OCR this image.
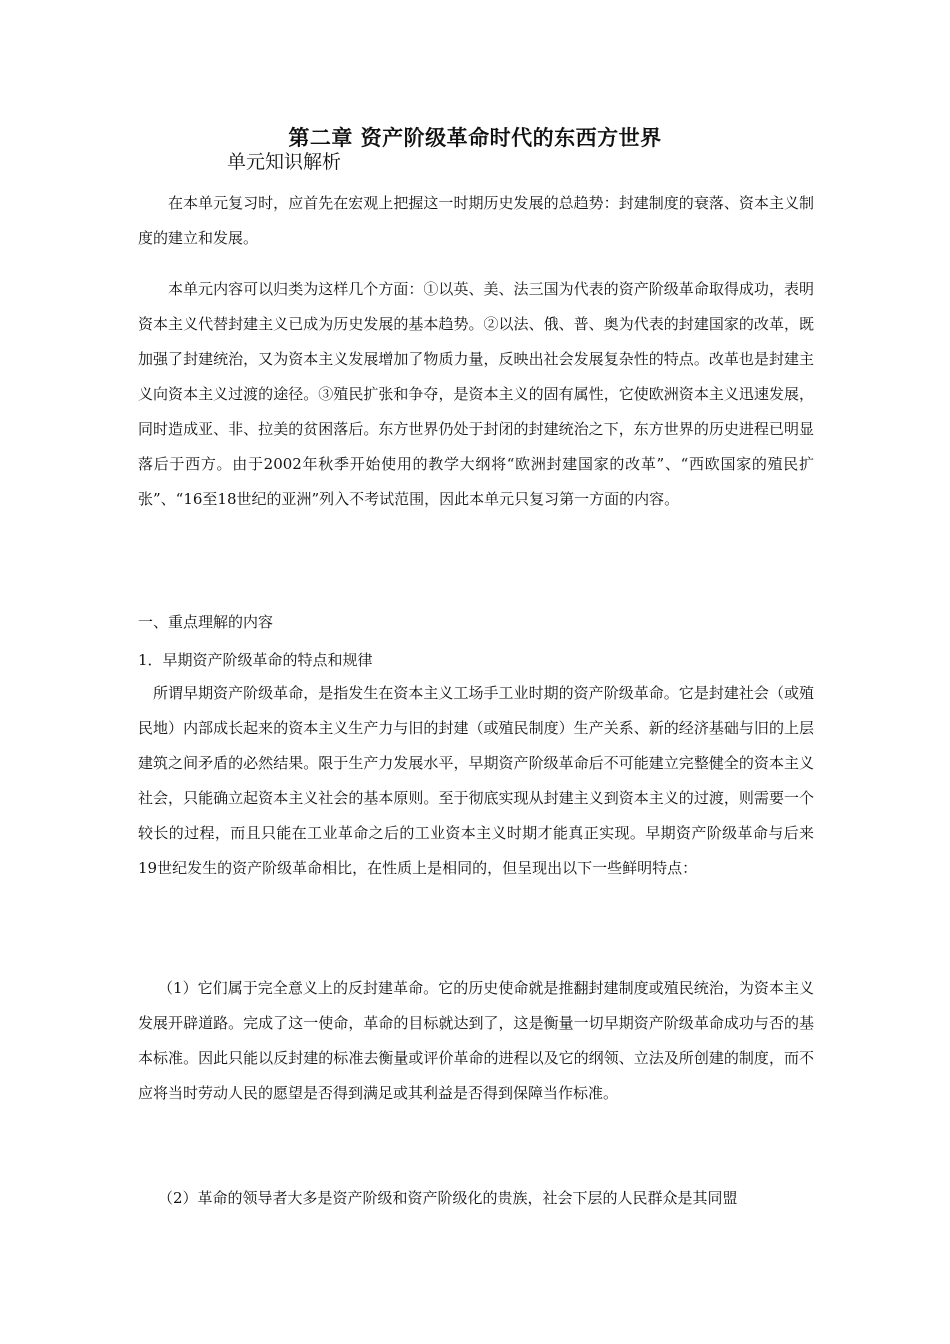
第二章 资产阶级革命时代的东西方世界
单元知识解析

在本单元复习时，应首先在宏观上把握这一时期历史发展的总趋势：封建制度的衰落、资本主义制度的建立和发展。

本单元内容可以归类为这样几个方面：①以英、美、法三国为代表的资产阶级革命取得成功，表明资本主义代替封建主义已成为历史发展的基本趋势。②以法、俄、普、奥为代表的封建国家的改革，既加强了封建统治，又为资本主义发展增加了物质力量，反映出社会发展复杂性的特点。改革也是封建主义向资本主义过渡的途径。③殖民扩张和争夺，是资本主义的固有属性，它使欧洲资本主义迅速发展，同时造成亚、非、拉美的贫困落后。东方世界仍处于封闭的封建统治之下，东方世界的历史进程已明显落后于西方。由于2002年秋季开始使用的教学大纲将“欧洲封建国家的改革”、“西欧国家的殖民扩张”、“16至18世纪的亚洲”列入不考试范围，因此本单元只复习第一方面的内容。

一、重点理解的内容
1．早期资产阶级革命的特点和规律

所谓早期资产阶级革命，是指发生在资本主义工场手工业时期的资产阶级革命。它是封建社会（或殖民地）内部成长起来的资本主义生产力与旧的封建（或殖民制度）生产关系、新的经济基础与旧的上层建筑之间矛盾的必然结果。限于生产力发展水平，早期资产阶级革命后不可能建立完整健全的资本主义社会，只能确立起资本主义社会的基本原则。至于彻底实现从封建主义到资本主义的过渡，则需要一个较长的过程，而且只能在工业革命之后的工业资本主义时期才能真正实现。早期资产阶级革命与后来19世纪发生的资产阶级革命相比，在性质上是相同的，但呈现出以下一些鲜明特点：

（1）它们属于完全意义上的反封建革命。它的历史使命就是推翻封建制度或殖民统治，为资本主义发展开辟道路。完成了这一使命，革命的目标就达到了，这是衡量一切早期资产阶级革命成功与否的基本标准。因此只能以反封建的标准去衡量或评价革命的进程以及它的纲领、立法及所创建的制度，而不应将当时劳动人民的愿望是否得到满足或其利益是否得到保障当作标准。

（2）革命的领导者大多是资产阶级和资产阶级化的贵族，社会下层的人民群众是其同盟
